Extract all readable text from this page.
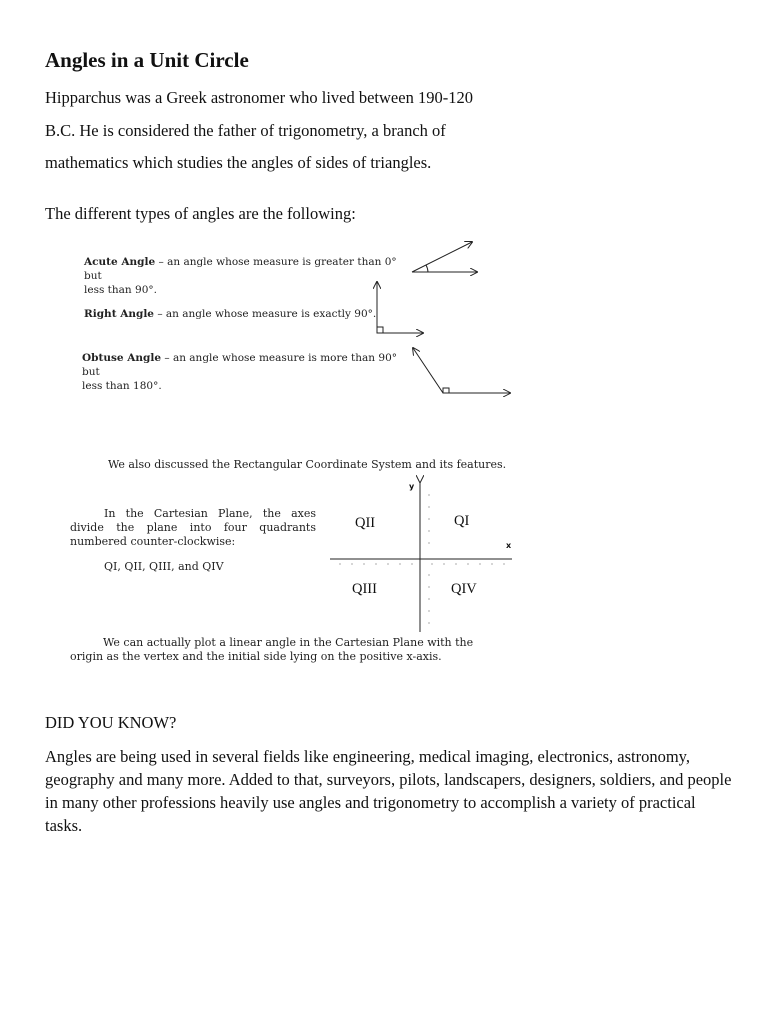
Angles in a Unit Circle
Hipparchus was a Greek astronomer who lived between 190-120
B.C. He is considered the father of trigonometry, a branch of
mathematics which studies the angles of sides of triangles.
The different types of angles are the following:
Acute Angle – an angle whose measure is greater than 0° but
less than 90°.
Right Angle – an angle whose measure is exactly 90°.
Obtuse Angle – an angle whose measure is more than 90° but
less than 180°.
We also discussed the Rectangular Coordinate System and its features.
In the Cartesian Plane, the axes
divide the plane into four quadrants
numbered counter-clockwise:
QI, QII, QIII, and QIV
y
x
QI
QII
QIII	QIV
We can actually plot a linear angle in the Cartesian Plane with the
origin as the vertex and the initial side lying on the positive x-axis.
DID YOU KNOW?
Angles are being used in several fields like engineering, medical imaging, electronics, astronomy, geography and many more. Added to that, surveyors, pilots, landscapers, designers, soldiers, and people in many other professions heavily use angles and trigonometry to accomplish a variety of practical tasks.
